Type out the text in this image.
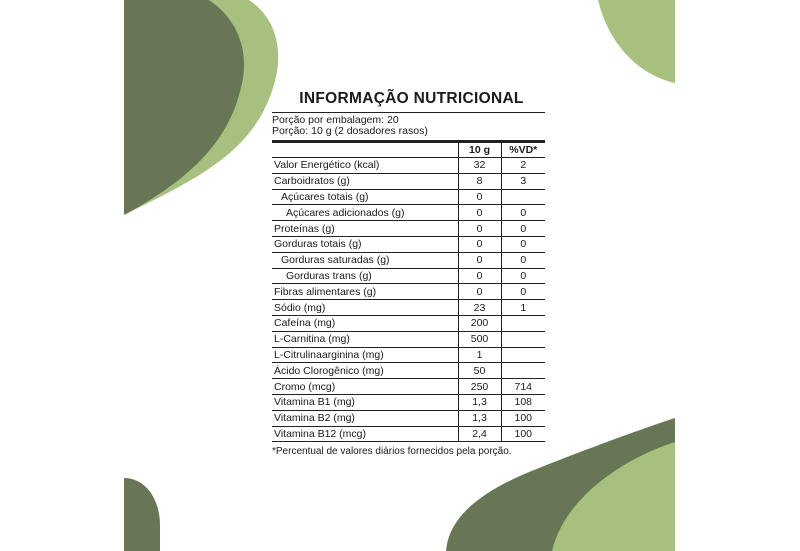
INFORMAÇÃO NUTRICIONAL
Porção por embalagem: 20
Porção: 10 g (2 dosadores rasos)
	10 g	%VD*
Valor Energético (kcal)	32	2
Carboidratos (g)	8	3
Açúcares totais (g)	0	
Açúcares adicionados (g)	0	0
Proteínas (g)	0	0
Gorduras totais (g)	0	0
Gorduras saturadas (g)	0	0
Gorduras trans (g)	0	0
Fibras alimentares (g)	0	0
Sódio (mg)	23	1
Cafeína (mg)	200	
L-Carnitina (mg)	500	
L-Citrulinaarginina (mg)	1	
Ácido Clorogênico (mg)	50	
Cromo (mcg)	250	714
Vitamina B1 (mg)	1,3	108
Vitamina B2 (mg)	1,3	100
Vitamina B12 (mcg)	2,4	100
*Percentual de valores diários fornecidos pela porção.
